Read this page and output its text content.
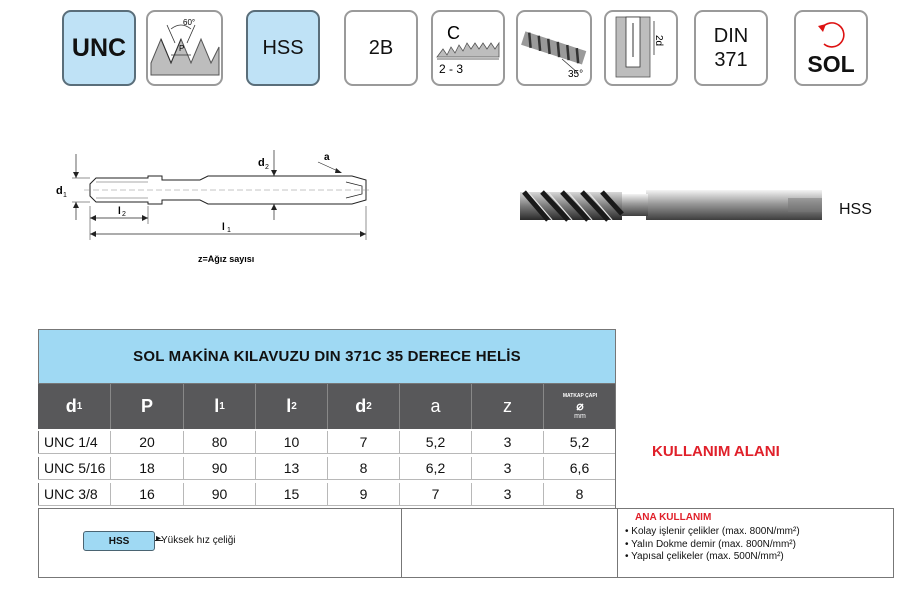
UNC
60°
P	HSS	2B
C
2 - 3	35°
2d DIN
371	SOL
d 1
d 2
a
l 2
l 1
z=Ağız sayısı
HSS
SOL MAKİNA KILAVUZU DIN 371C 35 DERECE HELİS
d 1	P	l 1	l 2	d 2	a	z	MATKAP ÇAPI
⌀
mm
UNC 1/4	20	80	10	7	5,2	3	5,2
UNC 5/16	18	90	13	8	6,2	3	6,6
UNC 3/8	16	90	15	9	7	3	8
KULLANIM ALANI
HSS	▸ Yüksek hız çeliği
ANA KULLANIM
• Kolay işlenir çelikler (max. 800N/mm²)
• Yalın Dokme demir (max. 800N/mm²)
• Yapısal çelikeler (max. 500N/mm²)
